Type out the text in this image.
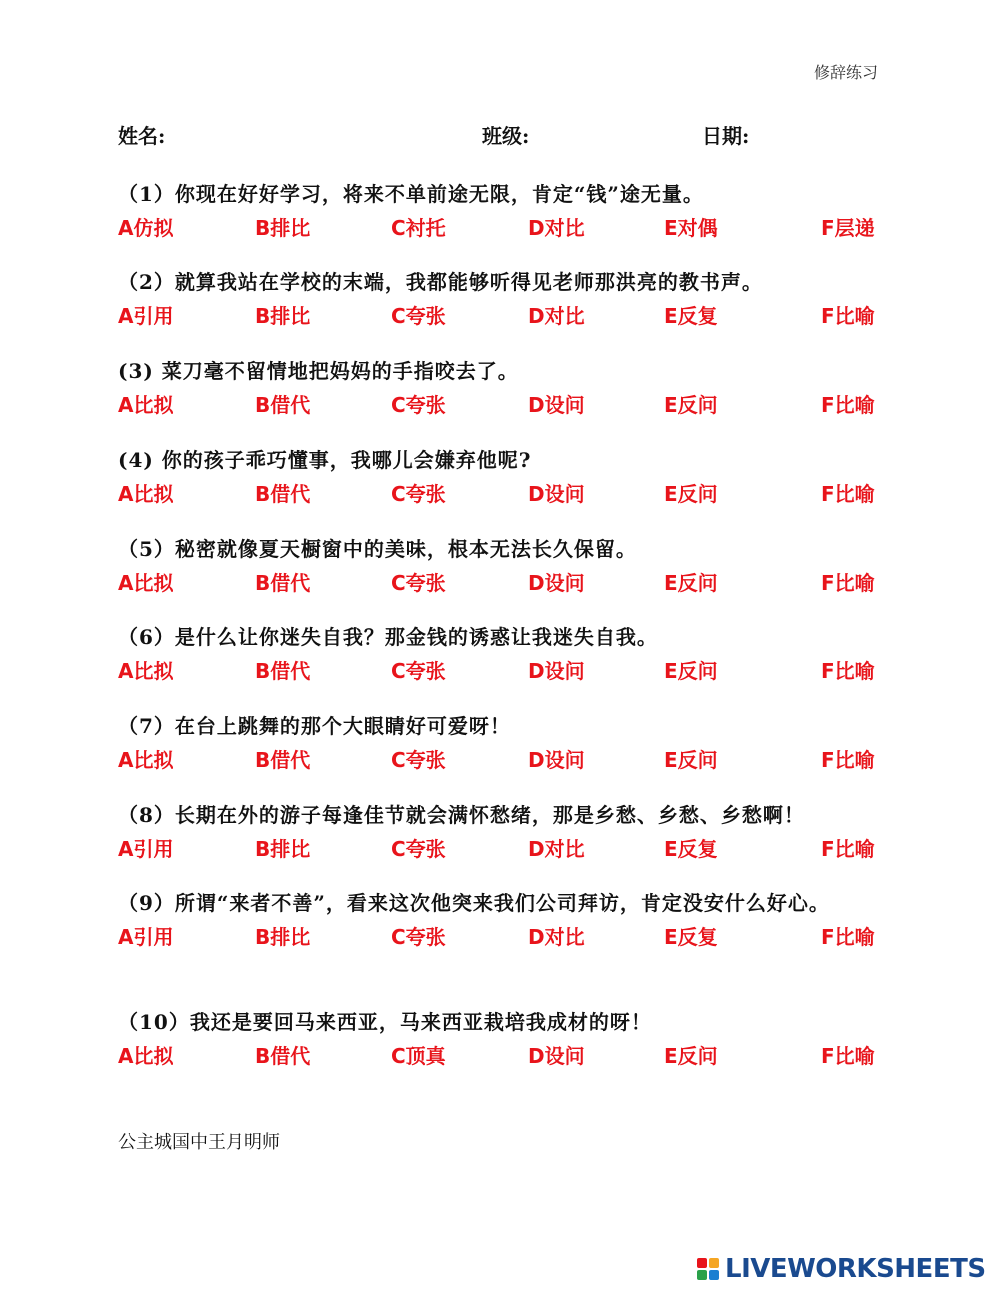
修辞练习
姓名:	班级:	日期:
（1）你现在好好学习，将来不单前途无限，肯定“钱”途无量。
A仿拟	B排比	C衬托	D对比	E对偶	F层递
（2）就算我站在学校的末端，我都能够听得见老师那洪亮的教书声。
A引用	B排比	C夸张	D对比	E反复	F比喻
(3) 菜刀毫不留情地把妈妈的手指咬去了。
A比拟	B借代	C夸张	D设问	E反问	F比喻
(4) 你的孩子乖巧懂事，我哪儿会嫌弃他呢?
A比拟	B借代	C夸张	D设问	E反问	F比喻
（5）秘密就像夏天橱窗中的美味，根本无法长久保留。
A比拟	B借代	C夸张	D设问	E反问	F比喻
（6）是什么让你迷失自我？那金钱的诱惑让我迷失自我。
A比拟	B借代	C夸张	D设问	E反问	F比喻
（7）在台上跳舞的那个大眼睛好可爱呀！
A比拟	B借代	C夸张	D设问	E反问	F比喻
（8）长期在外的游子每逢佳节就会满怀愁绪，那是乡愁、乡愁、乡愁啊！
A引用	B排比	C夸张	D对比	E反复	F比喻
（9）所谓“来者不善”，看来这次他突来我们公司拜访，肯定没安什么好心。
A引用	B排比	C夸张	D对比	E反复	F比喻
（10）我还是要回马来西亚，马来西亚栽培我成材的呀！
A比拟	B借代	C顶真	D设问	E反问	F比喻
公主城国中王月明师
LIVEWORKSHEETS
